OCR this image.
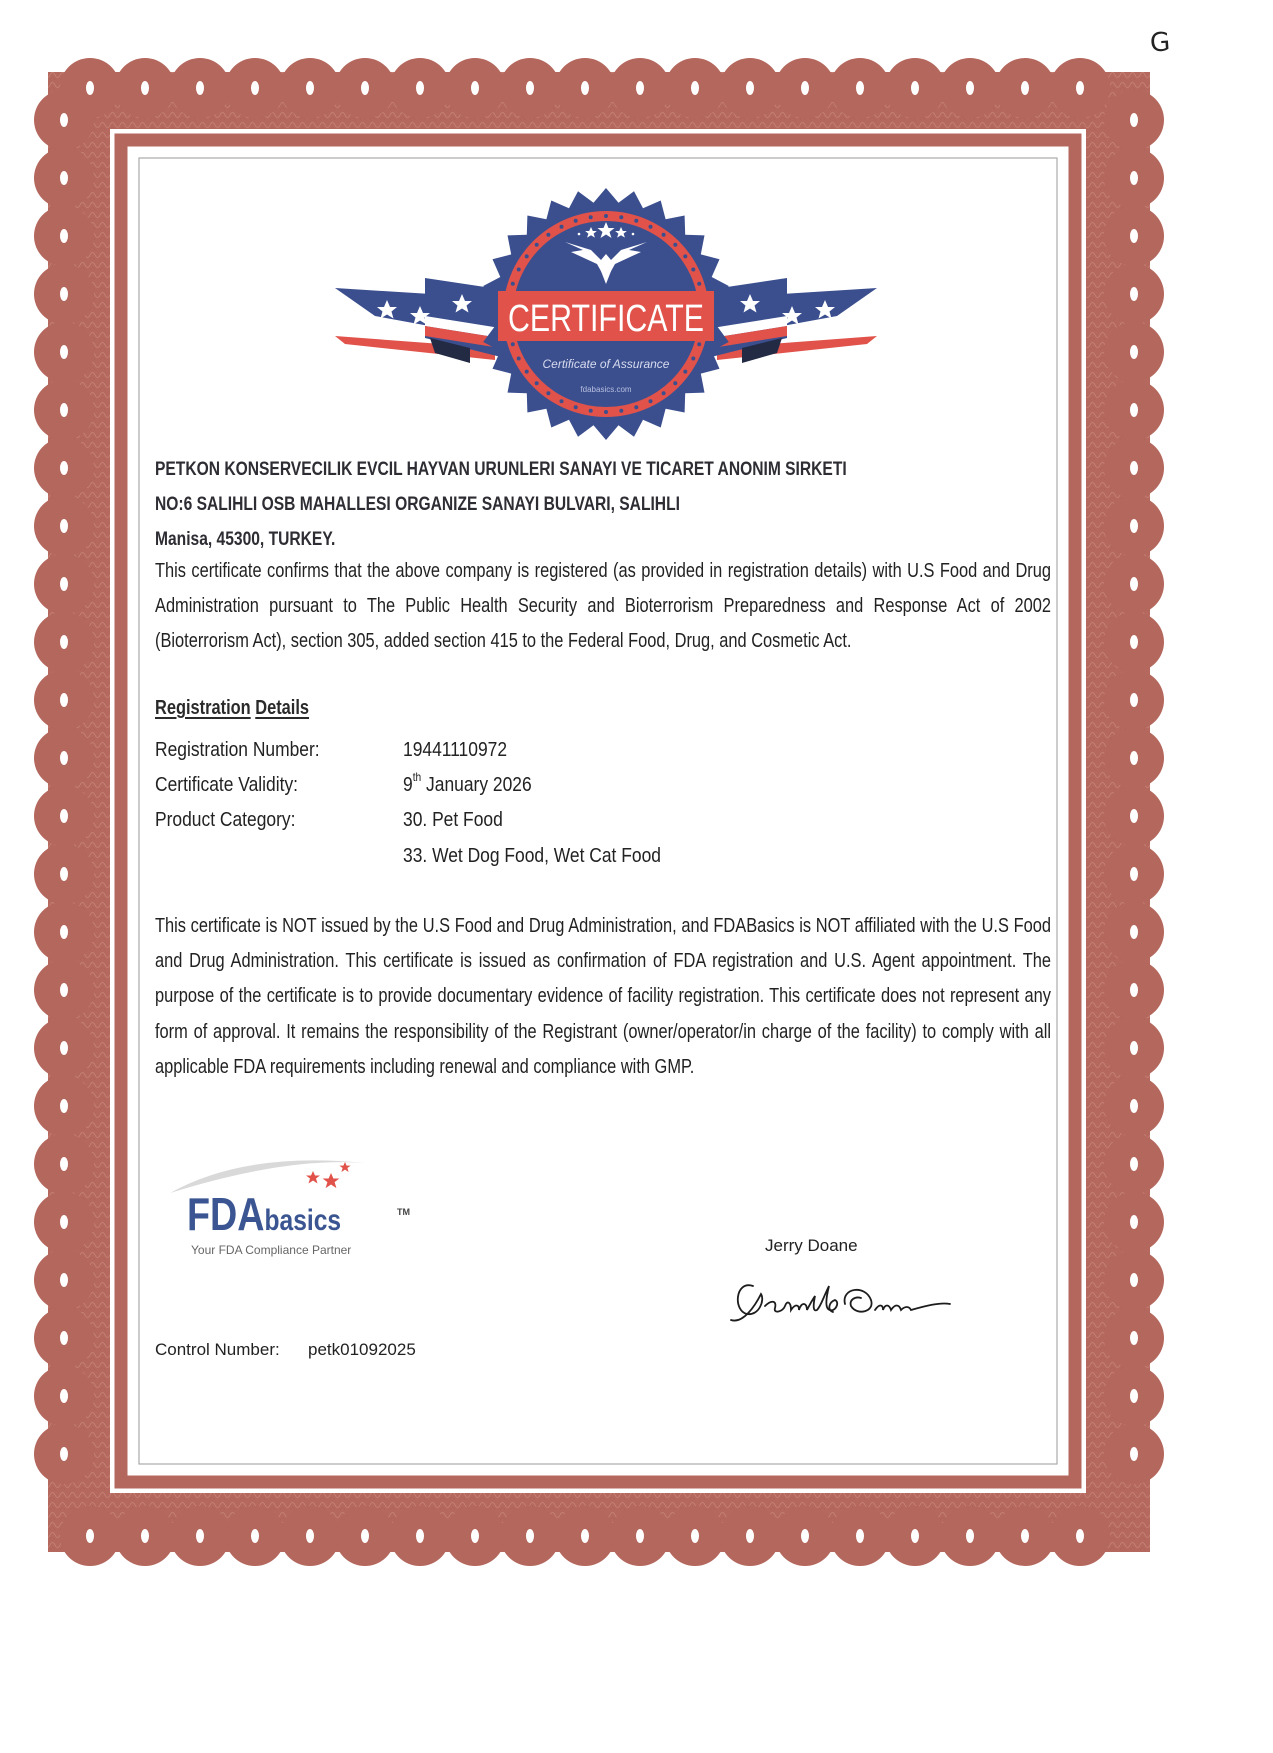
G
CERTIFICATE
Certificate of Assurance
fdabasics.com
PETKON KONSERVECILIK EVCIL HAYVAN URUNLERI SANAYI VE TICARET ANONIM SIRKETI
NO:6 SALIHLI OSB MAHALLESI ORGANIZE SANAYI BULVARI, SALIHLI
Manisa, 45300, TURKEY.
This certificate confirms that the above company is registered (as provided in registration details) with U.S Food and Drug Administration pursuant to The Public Health Security and Bioterrorism Preparedness and Response Act of 2002 (Bioterrorism Act), section 305, added section 415 to the Federal Food, Drug, and Cosmetic Act.
Registration Details
Registration Number:	19441110972
Certificate Validity:	9th January 2026
Product Category:	30. Pet Food
33. Wet Dog Food, Wet Cat Food
This certificate is NOT issued by the U.S Food and Drug Administration, and FDABasics is NOT affiliated with the U.S Food and Drug Administration. This certificate is issued as confirmation of FDA registration and U.S. Agent appointment. The purpose of the certificate is to provide documentary evidence of facility registration. This certificate does not represent any form of approval. It remains the responsibility of the Registrant (owner/operator/in charge of the facility) to comply with all applicable FDA requirements including renewal and compliance with GMP.
FDAbasics	TM
Your FDA Compliance Partner	Jerry Doane
Control Number:	petk01092025
